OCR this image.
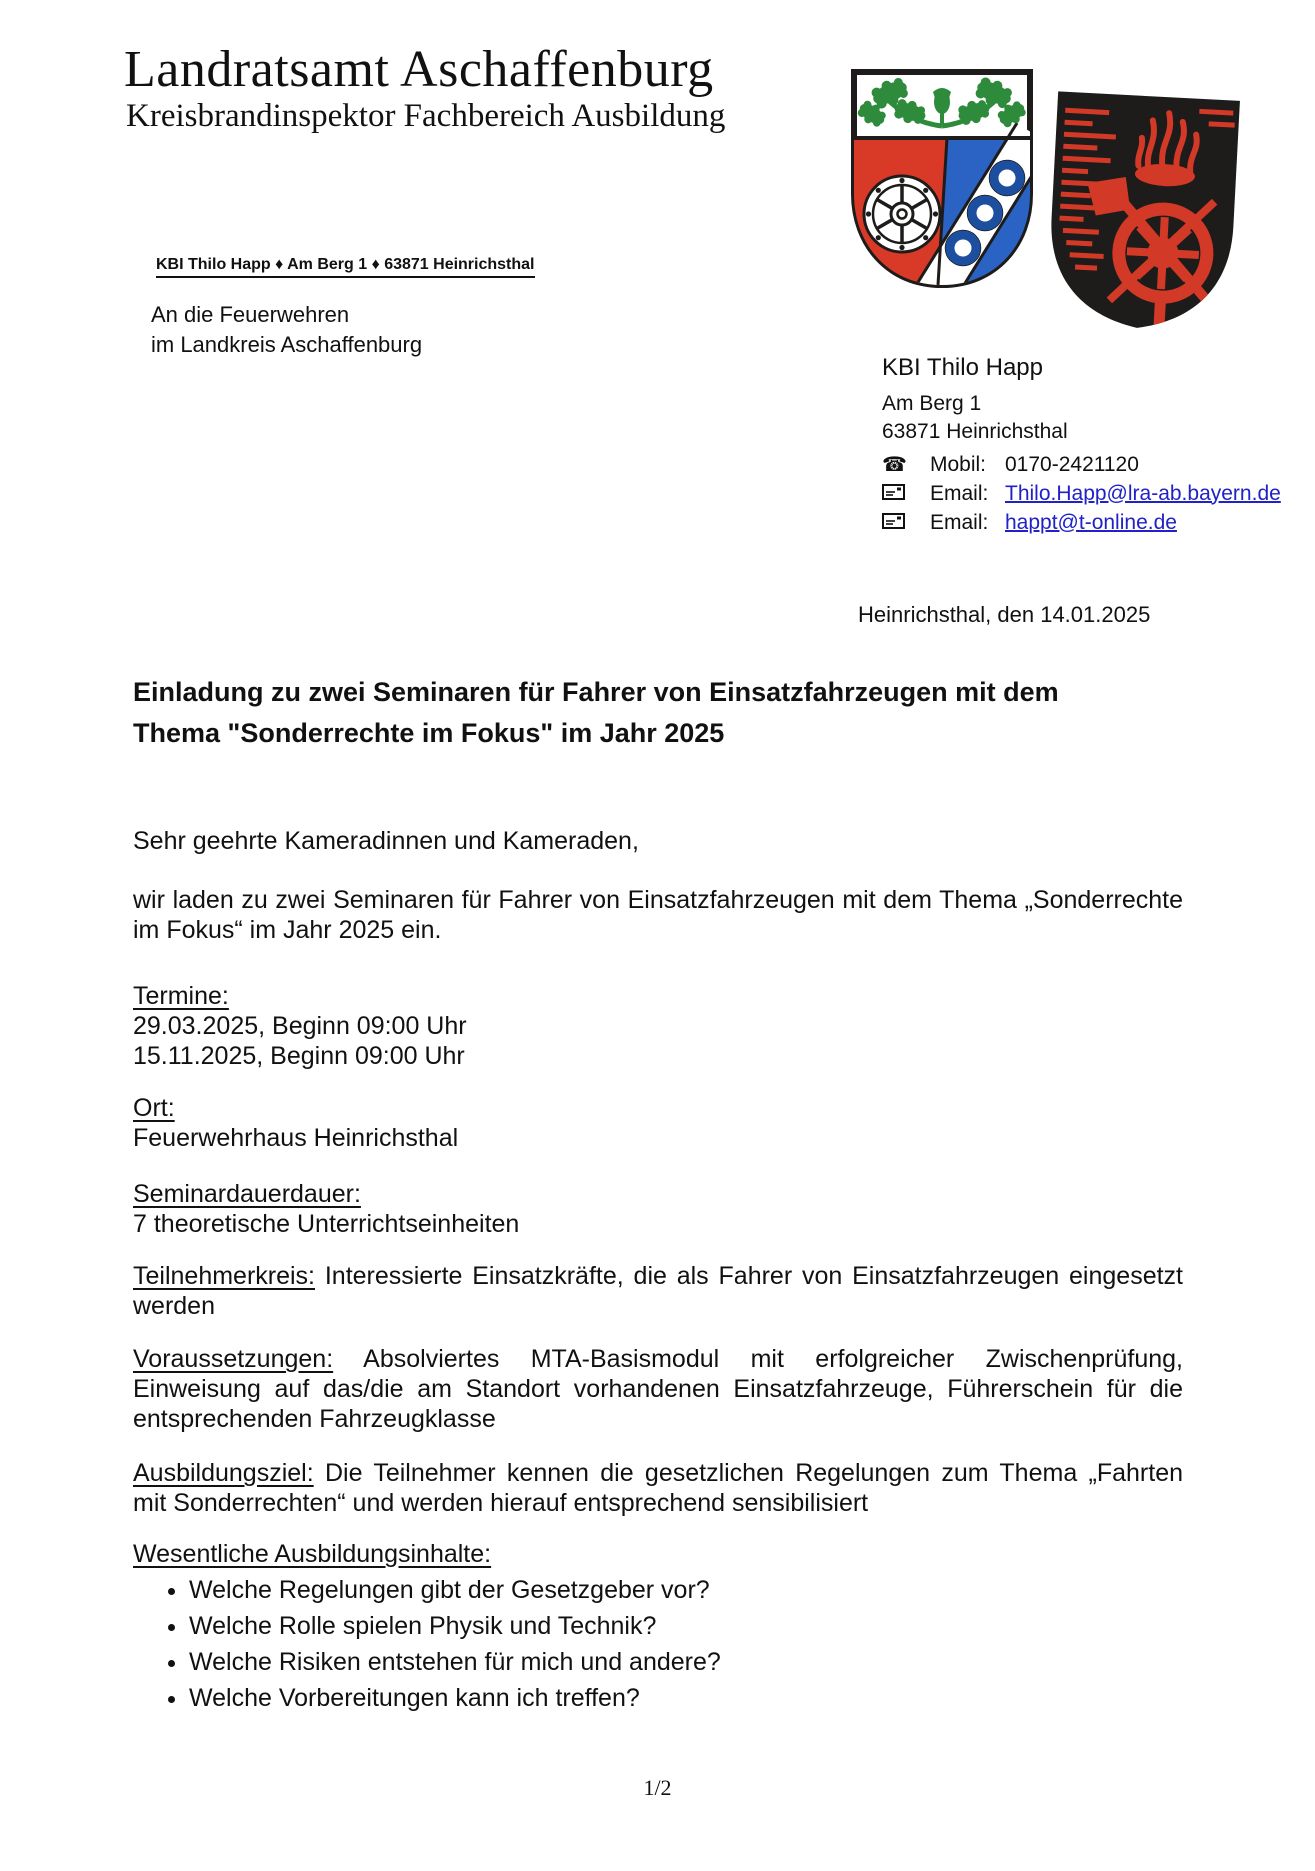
Landratsamt Aschaffenburg
Kreisbrandinspektor Fachbereich Ausbildung
KBI Thilo Happ ♦ Am Berg 1 ♦ 63871 Heinrichsthal
An die Feuerwehren
im Landkreis Aschaffenburg

KBI Thilo Happ

Am Berg 1

63871 Heinrichsthal

☎	Mobil: 0170-2421120
Email: Thilo.Happ@lra-ab.bayern.de
Email: happt@t-online.de
Heinrichsthal, den 14.01.2025
Einladung zu zwei Seminaren für Fahrer von Einsatzfahrzeugen mit dem Thema "Sonderrechte im Fokus" im Jahr 2025

Sehr geehrte Kameradinnen und Kameraden,

wir laden zu zwei Seminaren für Fahrer von Einsatzfahrzeugen mit dem Thema „Sonderrechte im Fokus“ im Jahr 2025 ein.

Termine:

29.03.2025, Beginn 09:00 Uhr

15.11.2025, Beginn 09:00 Uhr

Ort:

Feuerwehrhaus Heinrichsthal

Seminardauerdauer:

7 theoretische Unterrichtseinheiten

Teilnehmerkreis: Interessierte Einsatzkräfte, die als Fahrer von Einsatzfahrzeugen eingesetzt werden

Voraussetzungen: Absolviertes MTA-Basismodul mit erfolgreicher Zwischenprüfung, Einweisung auf das/die am Standort vorhandenen Einsatzfahrzeuge, Führerschein für die entsprechenden Fahrzeugklasse

Ausbildungsziel: Die Teilnehmer kennen die gesetzlichen Regelungen zum Thema „Fahrten mit Sonderrechten“ und werden hierauf entsprechend sensibilisiert

Wesentliche Ausbildungsinhalte:

• Welche Regelungen gibt der Gesetzgeber vor?
• Welche Rolle spielen Physik und Technik?
• Welche Risiken entstehen für mich und andere?
• Welche Vorbereitungen kann ich treffen?
1/2
